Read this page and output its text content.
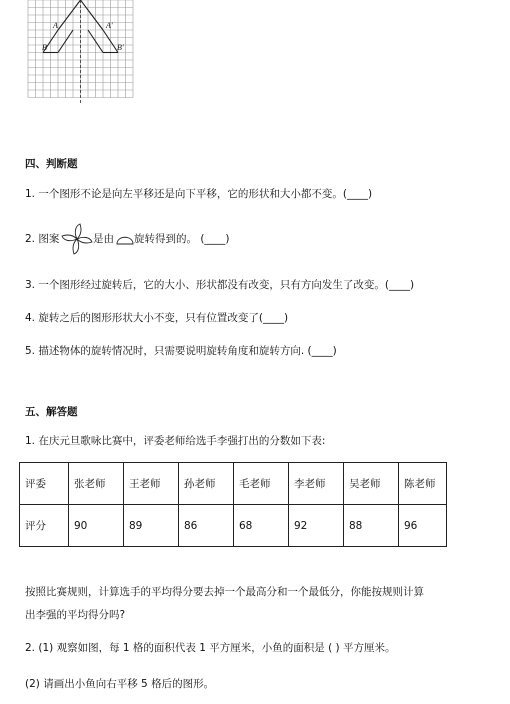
A	A'
B	B'
四、判断题
1. 一个图形不论是向左平移还是向下平移，它的形状和大小都不变。(____)
2. 图案	是由 旋转得到的。 (____)
3. 一个图形经过旋转后，它的大小、形状都没有改变，只有方向发生了改变。(____)
4. 旋转之后的图形形状大小不变，只有位置改变了(____)
5. 描述物体的旋转情况时，只需要说明旋转角度和旋转方向. (____)
五、解答题
1. 在庆元旦歌咏比赛中，评委老师给选手李强打出的分数如下表:
评委	张老师	王老师	孙老师	毛老师	李老师	吴老师	陈老师
评分	90	89	86	68	92	88	96
按照比赛规则，计算选手的平均得分要去掉一个最高分和一个最低分，你能按规则计算
出李强的平均得分吗?
2. (1) 观察如图，每 1 格的面积代表 1 平方厘米，小鱼的面积是 ( ) 平方厘米。
(2) 请画出小鱼向右平移 5 格后的图形。
